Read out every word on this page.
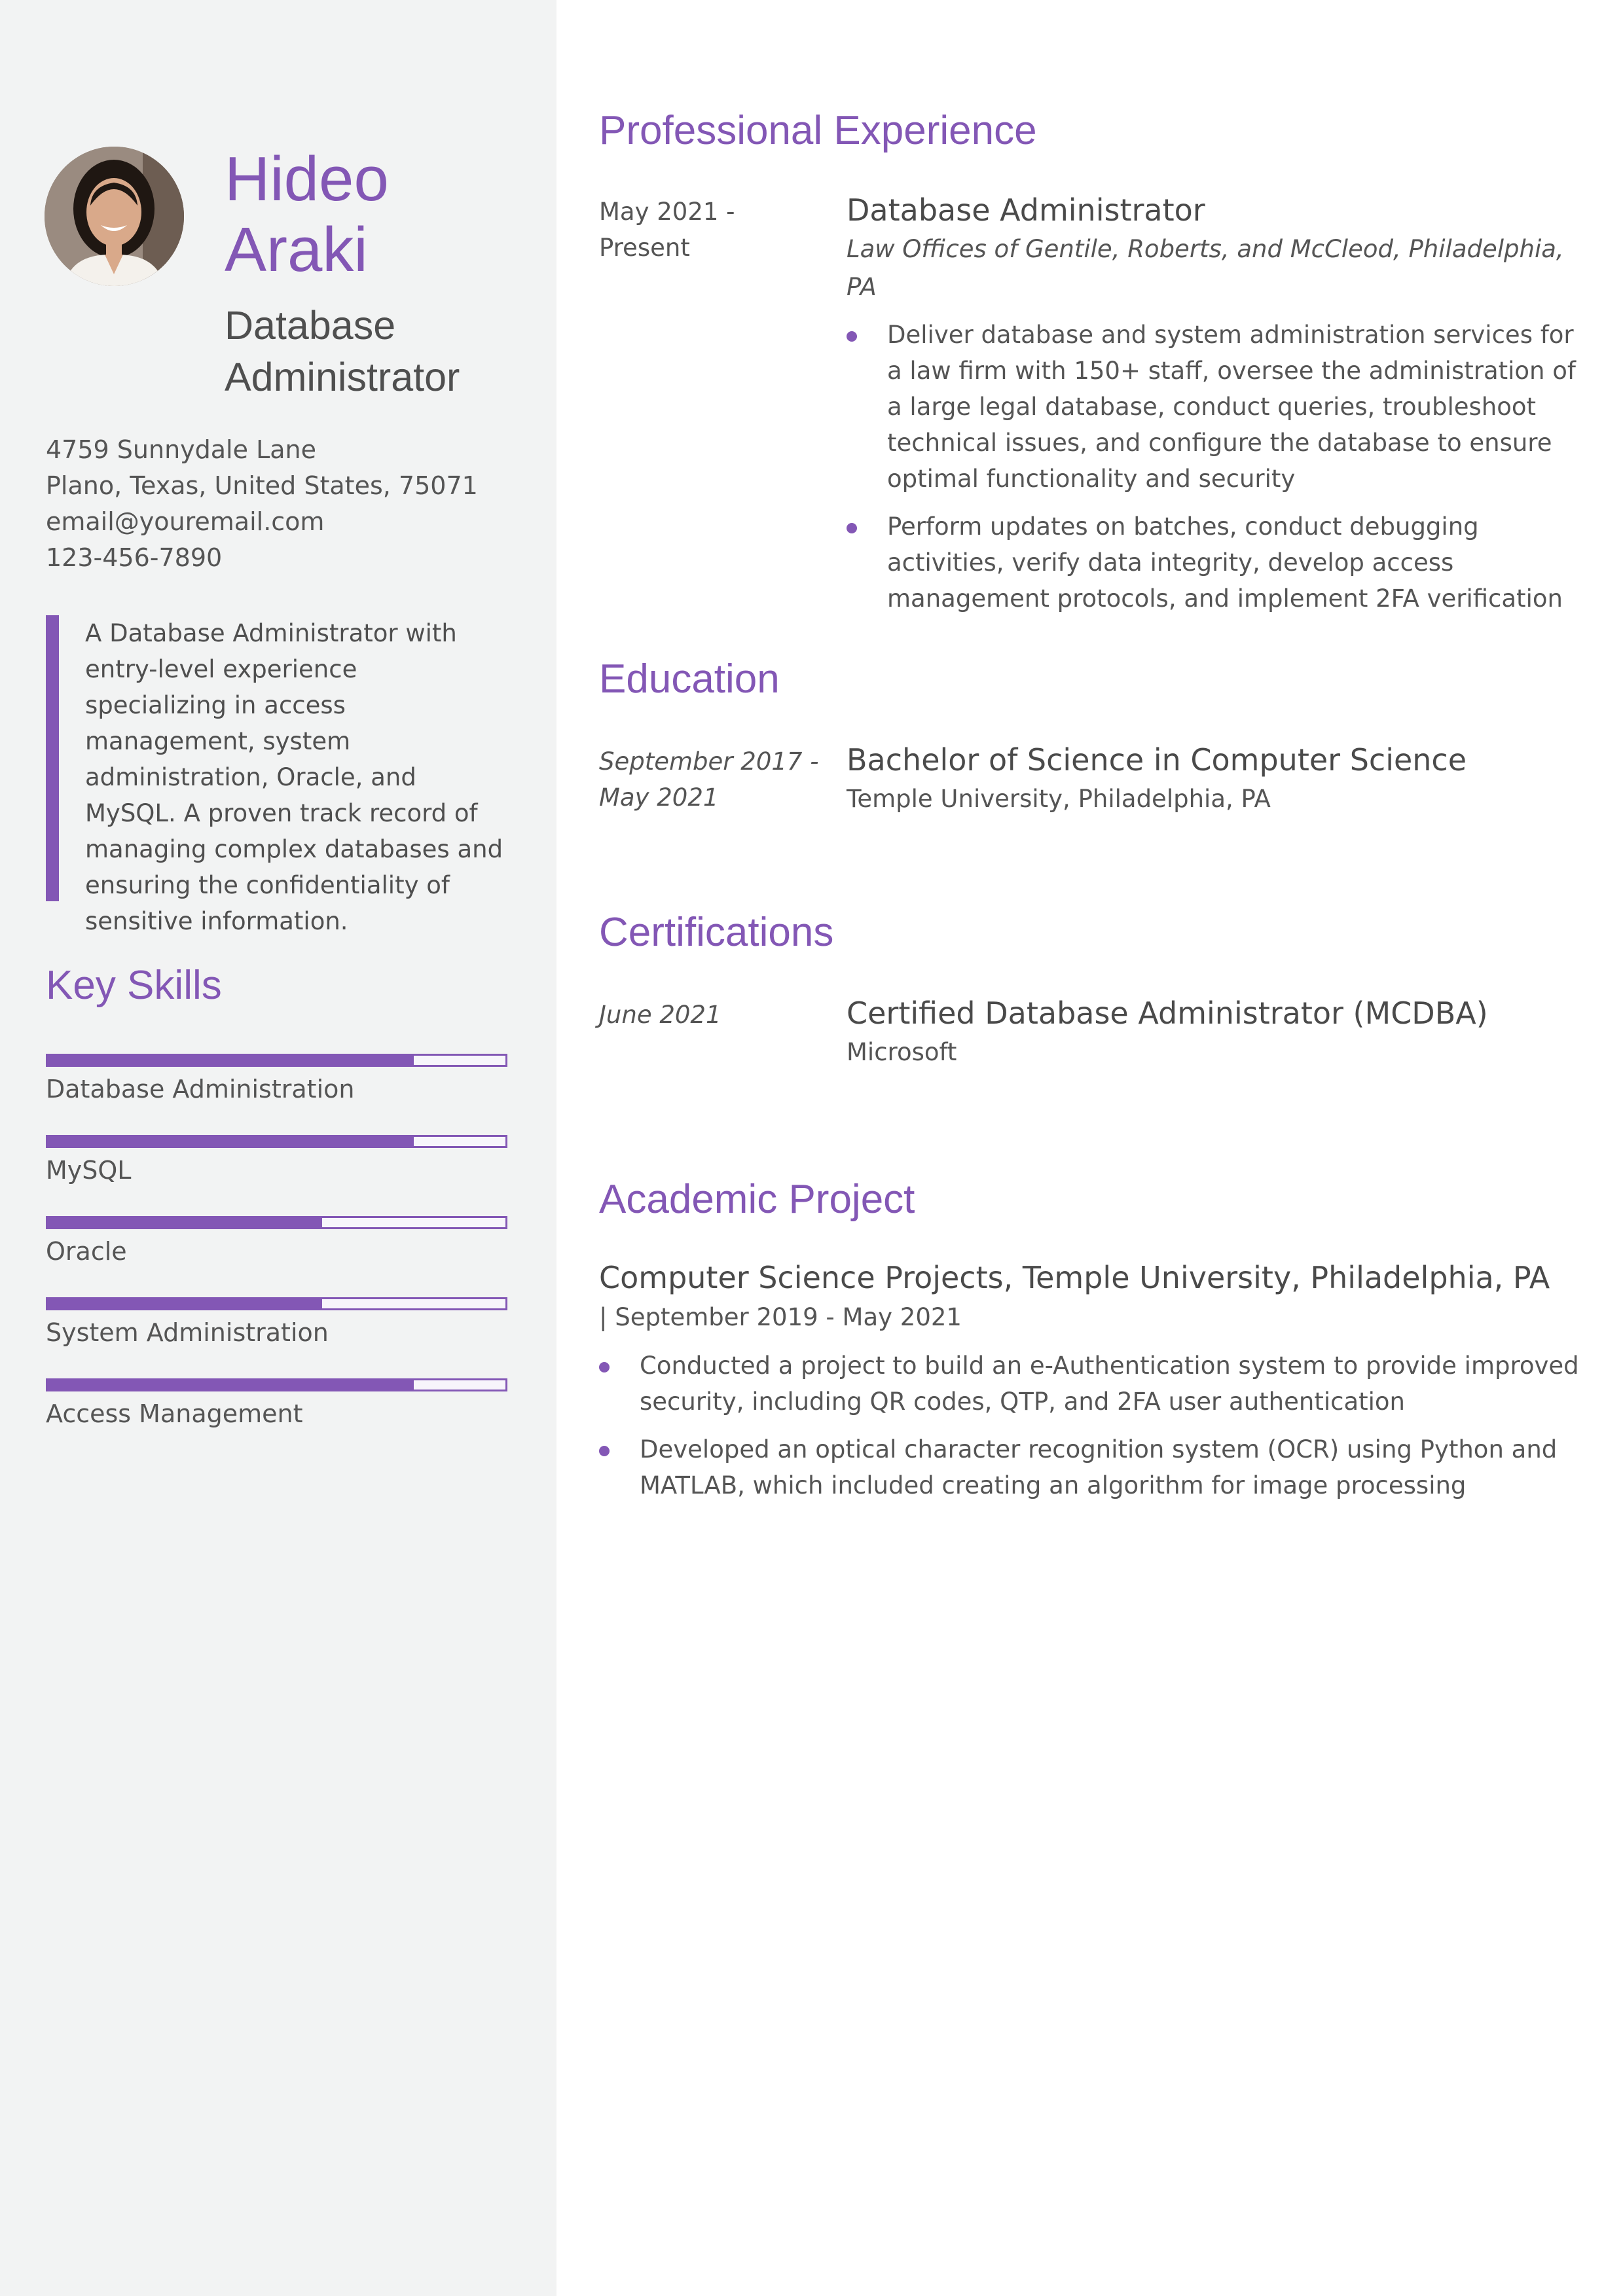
Hideo
Araki
Database
Administrator
4759 Sunnydale Lane
Plano, Texas, United States, 75071
email@youremail.com
123-456-7890
A Database Administrator with entry-level experience specializing in access management, system administration, Oracle, and MySQL. A proven track record of managing complex databases and ensuring the confidentiality of sensitive information.
Key Skills
Database Administration
MySQL
Oracle
System Administration
Access Management
Professional Experience
May 2021 - Present
Database Administrator
Law Offices of Gentile, Roberts, and McCleod, Philadelphia, PA
Deliver database and system administration services for a law firm with 150+ staff, oversee the administration of a large legal database, conduct queries, troubleshoot technical issues, and configure the database to ensure optimal functionality and security
Perform updates on batches, conduct debugging activities, verify data integrity, develop access management protocols, and implement 2FA verification
Education
September 2017 - May 2021
Bachelor of Science in Computer Science
Temple University, Philadelphia, PA
Certifications
June 2021	Certified Database Administrator (MCDBA)
Microsoft
Academic Project
Computer Science Projects, Temple University, Philadelphia, PA
| September 2019 - May 2021
Conducted a project to build an e-Authentication system to provide improved security, including QR codes, QTP, and 2FA user authentication
Developed an optical character recognition system (OCR) using Python and MATLAB, which included creating an algorithm for image processing
